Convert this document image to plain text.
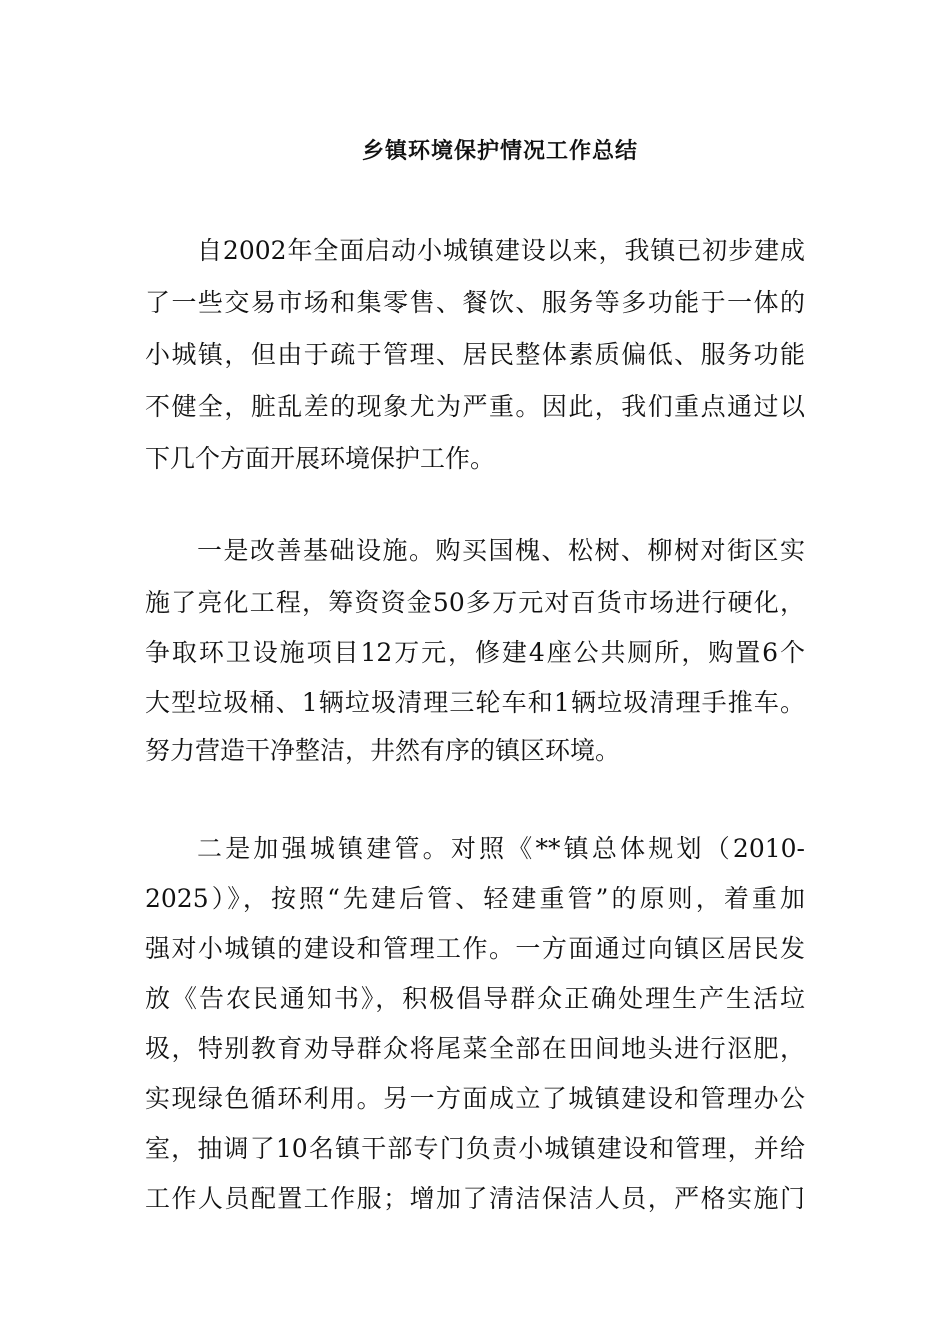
乡镇环境保护情况工作总结
自2002年全面启动小城镇建设以来，我镇已初步建成
了一些交易市场和集零售、餐饮、服务等多功能于一体的
小城镇，但由于疏于管理、居民整体素质偏低、服务功能
不健全，脏乱差的现象尤为严重。因此，我们重点通过以
下几个方面开展环境保护工作。
一是改善基础设施。购买国槐、松树、柳树对街区实
施了亮化工程，筹资资金50多万元对百货市场进行硬化，
争取环卫设施项目12万元，修建4座公共厕所，购置6个
大型垃圾桶、1辆垃圾清理三轮车和1辆垃圾清理手推车。
努力营造干净整洁，井然有序的镇区环境。
二是加强城镇建管。对照《**镇总体规划（2010-
2025）》，按照“先建后管、轻建重管”的原则，着重加
强对小城镇的建设和管理工作。一方面通过向镇区居民发
放《告农民通知书》，积极倡导群众正确处理生产生活垃
圾，特别教育劝导群众将尾菜全部在田间地头进行沤肥，
实现绿色循环利用。另一方面成立了城镇建设和管理办公
室，抽调了10名镇干部专门负责小城镇建设和管理，并给
工作人员配置工作服；增加了清洁保洁人员，严格实施门
